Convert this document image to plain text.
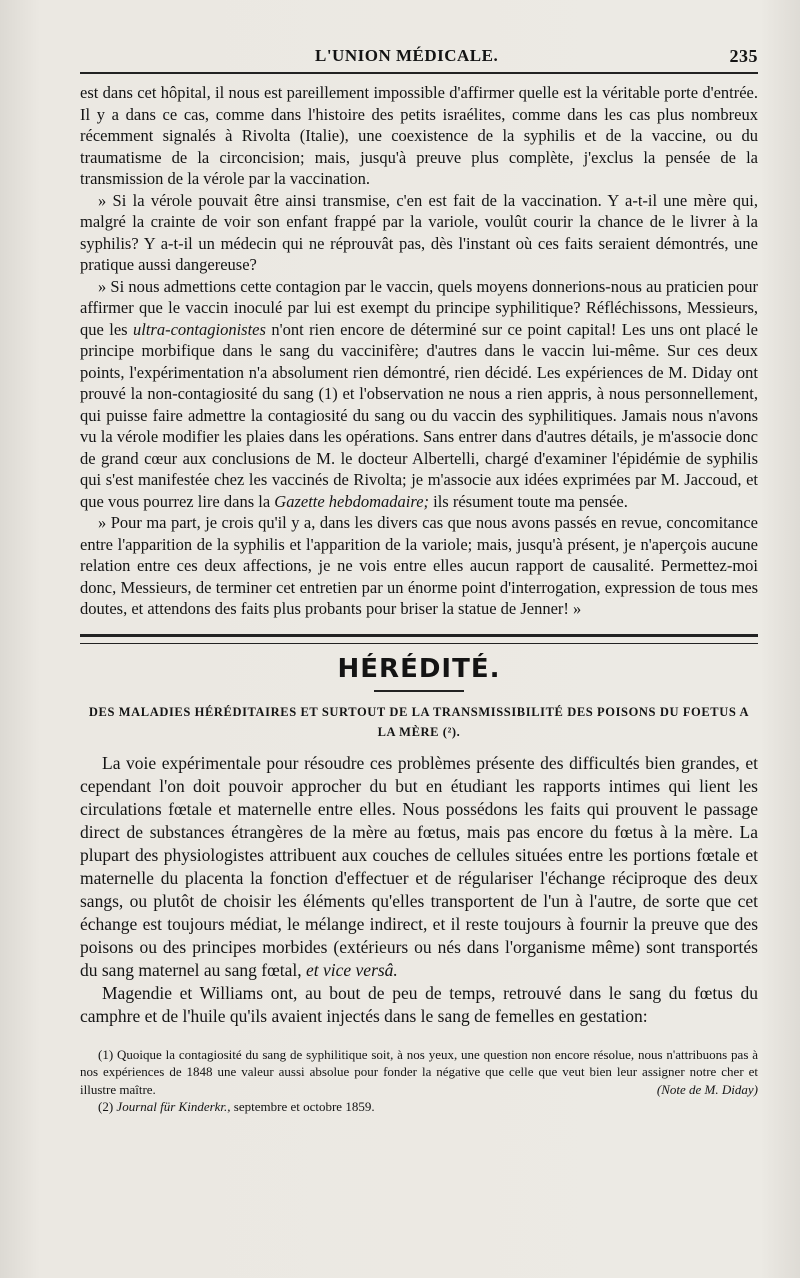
L'UNION MÉDICALE.	235

est dans cet hôpital, il nous est pareillement impossible d'affirmer quelle est la véritable porte d'entrée. Il y a dans ce cas, comme dans l'histoire des petits israélites, comme dans les cas plus nombreux récemment signalés à Rivolta (Italie), une coexistence de la syphilis et de la vaccine, ou du traumatisme de la circoncision; mais, jusqu'à preuve plus complète, j'exclus la pensée de la transmission de la vérole par la vaccination.

» Si la vérole pouvait être ainsi transmise, c'en est fait de la vaccination. Y a-t-il une mère qui, malgré la crainte de voir son enfant frappé par la variole, voulût courir la chance de le livrer à la syphilis? Y a-t-il un médecin qui ne réprouvât pas, dès l'instant où ces faits seraient démontrés, une pratique aussi dangereuse?

» Si nous admettions cette contagion par le vaccin, quels moyens donnerions-nous au praticien pour affirmer que le vaccin inoculé par lui est exempt du principe syphilitique? Réfléchissons, Messieurs, que les ultra-contagionistes n'ont rien encore de déterminé sur ce point capital! Les uns ont placé le principe morbifique dans le sang du vaccinifère; d'autres dans le vaccin lui-même. Sur ces deux points, l'expérimentation n'a absolument rien démontré, rien décidé. Les expériences de M. Diday ont prouvé la non-contagiosité du sang (1) et l'observation ne nous a rien appris, à nous personnellement, qui puisse faire admettre la contagiosité du sang ou du vaccin des syphilitiques. Jamais nous n'avons vu la vérole modifier les plaies dans les opérations. Sans entrer dans d'autres détails, je m'associe donc de grand cœur aux conclusions de M. le docteur Albertelli, chargé d'examiner l'épidémie de syphilis qui s'est manifestée chez les vaccinés de Rivolta; je m'associe aux idées exprimées par M. Jaccoud, et que vous pourrez lire dans la Gazette hebdomadaire; ils résument toute ma pensée.

» Pour ma part, je crois qu'il y a, dans les divers cas que nous avons passés en revue, concomitance entre l'apparition de la syphilis et l'apparition de la variole; mais, jusqu'à présent, je n'aperçois aucune relation entre ces deux affections, je ne vois entre elles aucun rapport de causalité. Permettez-moi donc, Messieurs, de terminer cet entretien par un énorme point d'interrogation, expression de tous mes doutes, et attendons des faits plus probants pour briser la statue de Jenner! »

HÉRÉDITÉ.
DES MALADIES HÉRÉDITAIRES ET SURTOUT DE LA TRANSMISSIBILITÉ DES POISONS DU FOETUS A LA MÈRE (²).

La voie expérimentale pour résoudre ces problèmes présente des difficultés bien grandes, et cependant l'on doit pouvoir approcher du but en étudiant les rapports intimes qui lient les circulations fœtale et maternelle entre elles. Nous possédons les faits qui prouvent le passage direct de substances étrangères de la mère au fœtus, mais pas encore du fœtus à la mère. La plupart des physiologistes attribuent aux couches de cellules situées entre les portions fœtale et maternelle du placenta la fonction d'effectuer et de régulariser l'échange réciproque des deux sangs, ou plutôt de choisir les éléments qu'elles transportent de l'un à l'autre, de sorte que cet échange est toujours médiat, le mélange indirect, et il reste toujours à fournir la preuve que des poisons ou des principes morbides (extérieurs ou nés dans l'organisme même) sont transportés du sang maternel au sang fœtal, et vice versâ.

Magendie et Williams ont, au bout de peu de temps, retrouvé dans le sang du fœtus du camphre et de l'huile qu'ils avaient injectés dans le sang de femelles en gestation:

(1) Quoique la contagiosité du sang de syphilitique soit, à nos yeux, une question non encore résolue, nous n'attribuons pas à nos expériences de 1848 une valeur aussi absolue pour fonder la négative que celle que veut bien leur assigner notre cher et illustre maître.	(Note de M. Diday)

(2) Journal für Kinderkr., septembre et octobre 1859.
